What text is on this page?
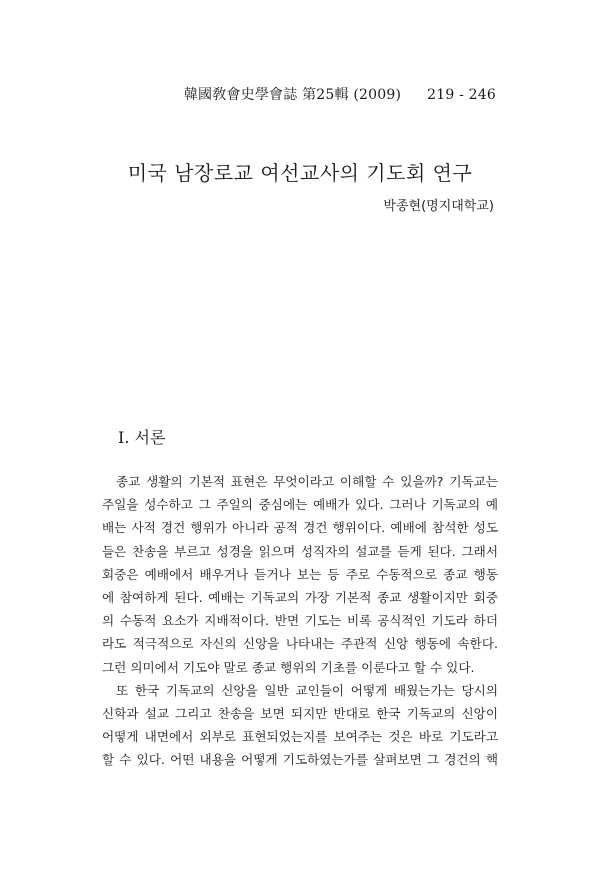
韓國敎會史學會誌 第25輯 (2009) 219 - 246
미국 남장로교 여선교사의 기도회 연구
박종현(명지대학교)
I. 서론
종교 생활의 기본적 표현은 무엇이라고 이해할 수 있을까? 기독교는
주일을 성수하고 그 주일의 중심에는 예배가 있다. 그러나 기독교의 예
배는 사적 경건 행위가 아니라 공적 경건 행위이다. 예배에 참석한 성도
들은 찬송을 부르고 성경을 읽으며 성직자의 설교를 듣게 된다. 그래서
회중은 예배에서 배우거나 듣거나 보는 등 주로 수동적으로 종교 행동
에 참여하게 된다. 예배는 기독교의 가장 기본적 종교 생활이지만 회중
의 수동적 요소가 지배적이다. 반면 기도는 비록 공식적인 기도라 하더
라도 적극적으로 자신의 신앙을 나타내는 주관적 신앙 행동에 속한다.
그런 의미에서 기도야 말로 종교 행위의 기초를 이룬다고 할 수 있다.
또 한국 기독교의 신앙을 일반 교인들이 어떻게 배웠는가는 당시의
신학과 설교 그리고 찬송을 보면 되지만 반대로 한국 기독교의 신앙이
어떻게 내면에서 외부로 표현되었는지를 보여주는 것은 바로 기도라고
할 수 있다. 어떤 내용을 어떻게 기도하였는가를 살펴보면 그 경건의 핵
